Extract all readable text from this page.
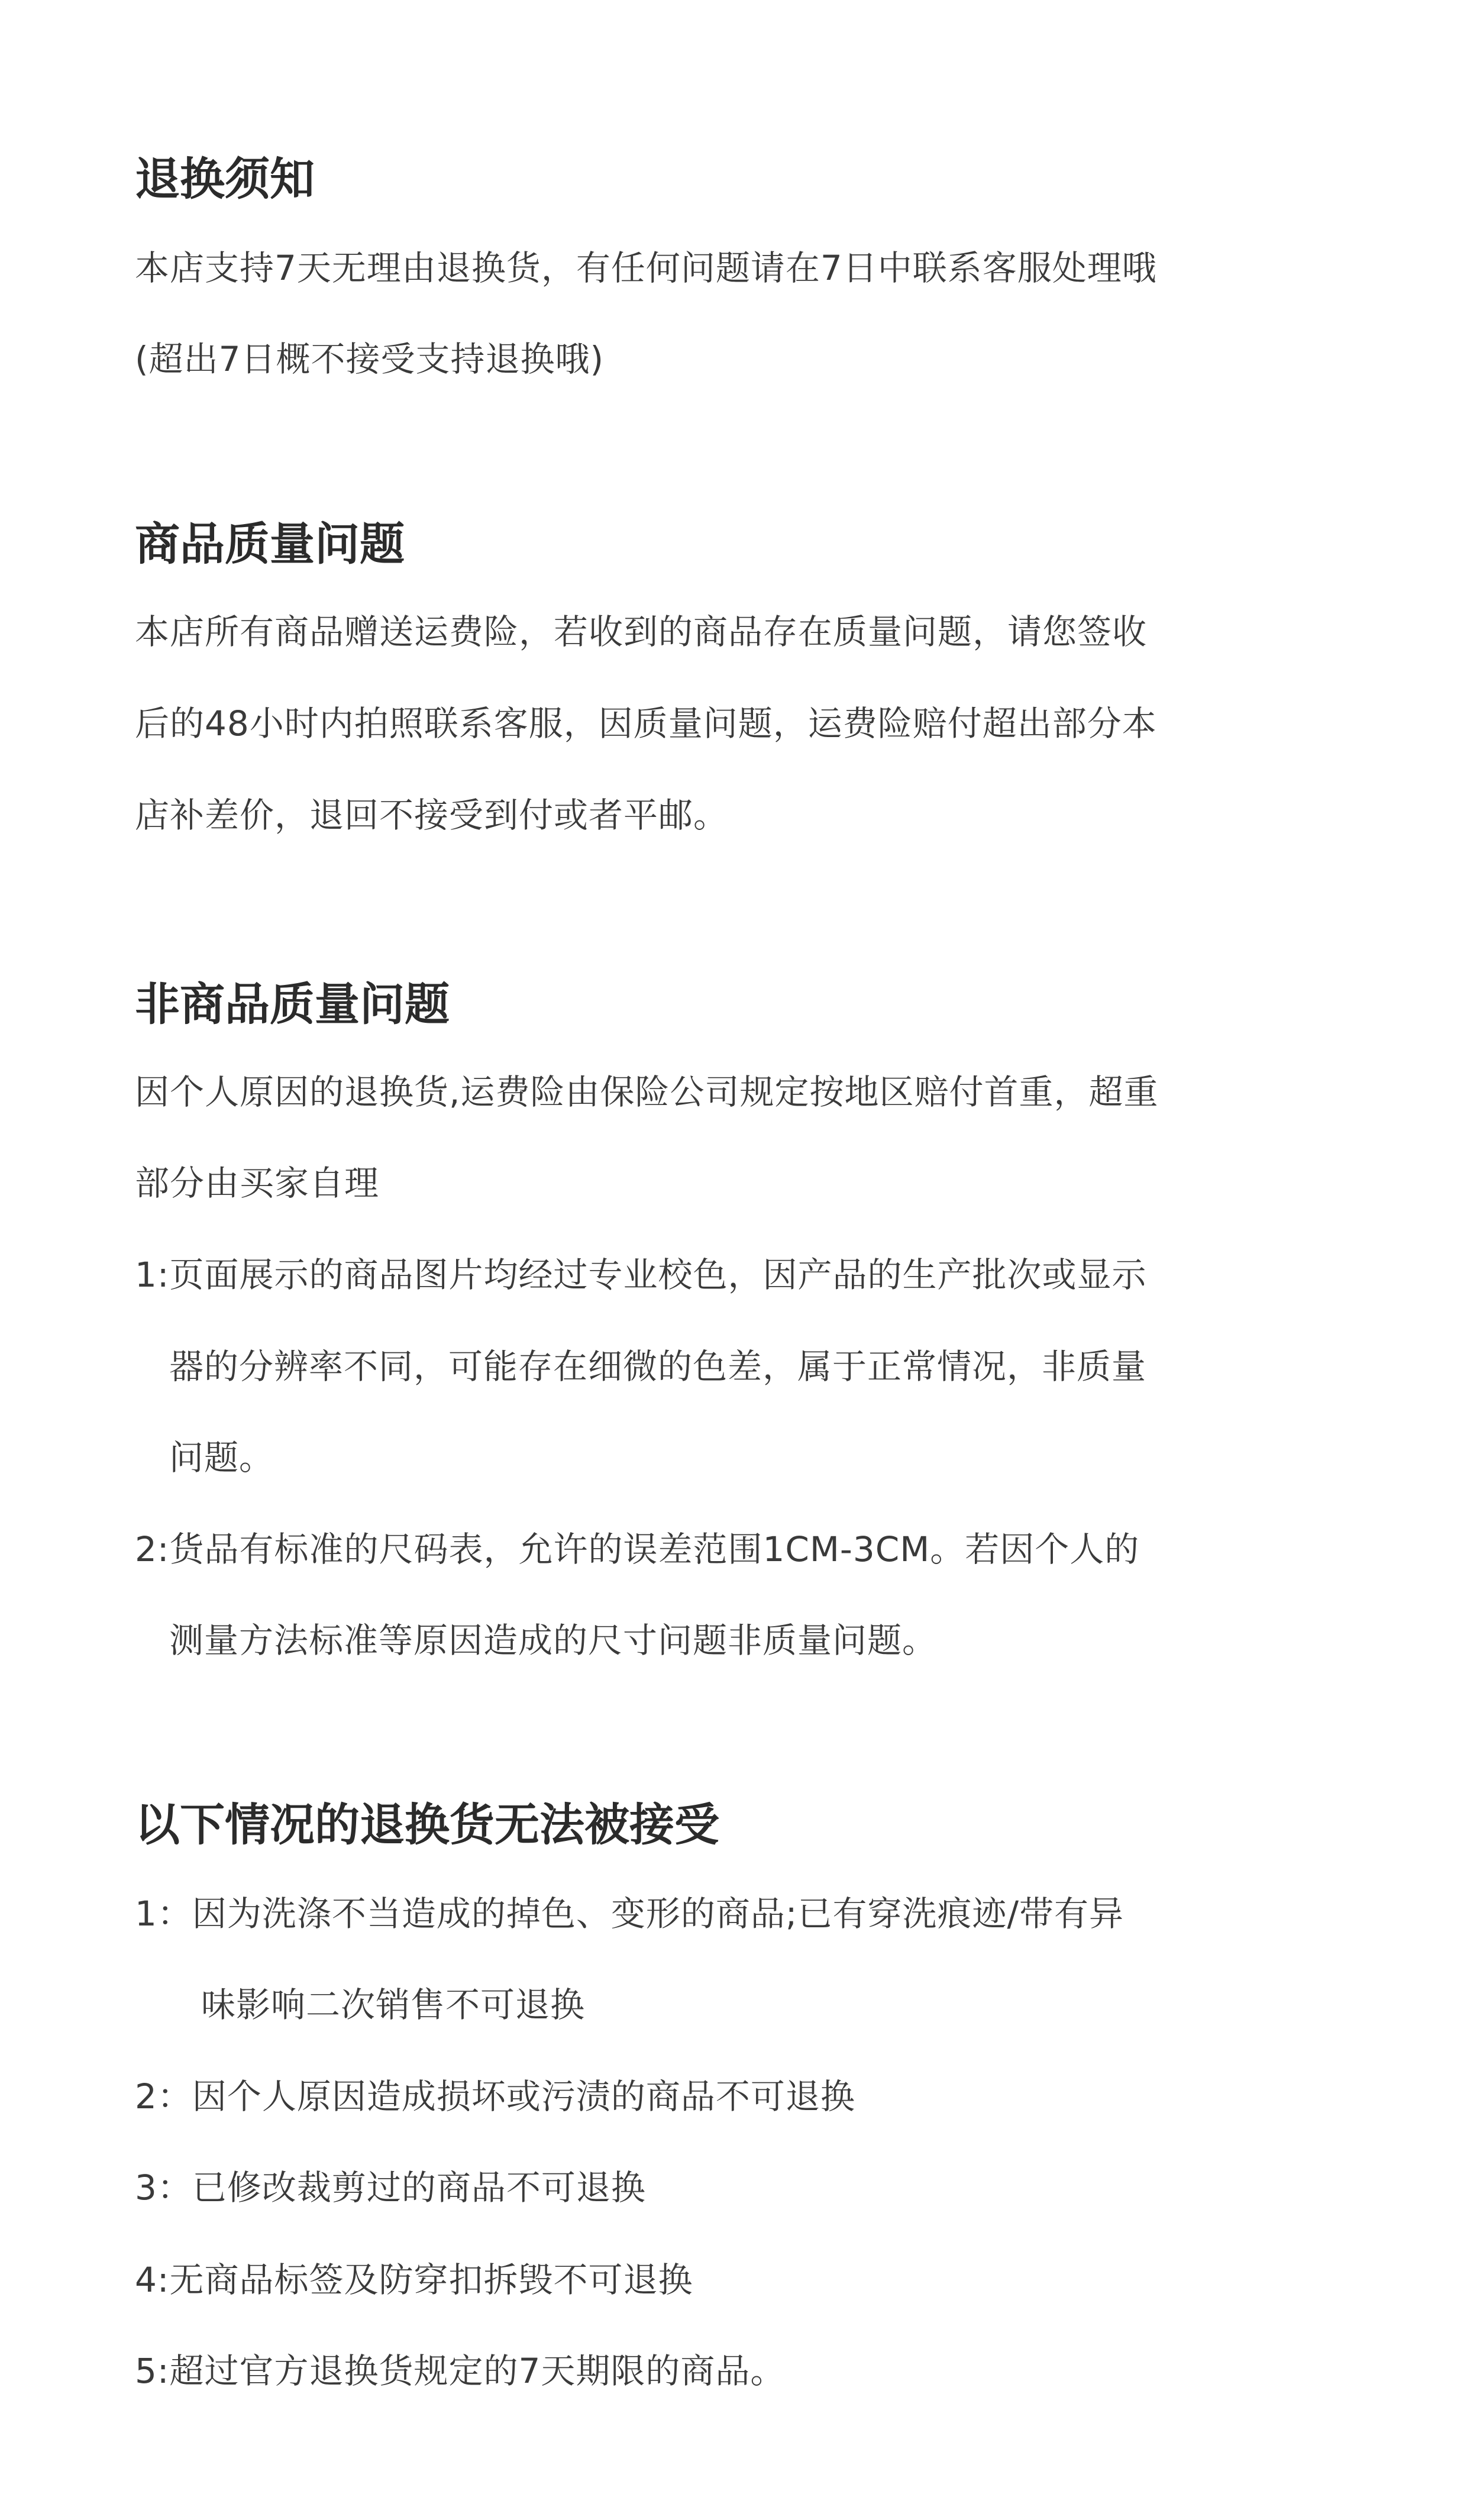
退换须知
本店支持7天无理由退换货，有任何问题请在7日中联系客服处理哦
(超出7日概不接受支持退换哦)
商品质量问题
本店所有商品赠送运费险，若收到的商品存在质量问题，请您签收
后的48小时内拍照联系客服，因质量问题，运费险赔付超出部分本
店补差价，退回不接受到付或者平邮。
非商品质量问题
因个人原因的退换货,运费险由保险公司规定按地区赔付首重，超重
部分由买家自理
1:页面展示的商品图片均经过专业校色，因产品的生产批次或显示
器的分辨率不同，可能存在细微的色差，属于正常情况，非质量
问题。
2:货品有标准的尺码表，允许的误差范围1CM-3CM。若因个人的
测量方法标准等原因造成的尺寸问题非质量问题。
以下情况的退换货无法被接受
1：因为洗涤不当造成的掉色、变形的商品;已有穿洗痕迹/带有异
味影响二次销售不可退换
2：因个人原因造成损坏或污渍的商品不可退换
3：已修改裁剪过的商品不可退换
4:无商品标签及防穿扣拆毁不可退换
5:超过官方退换货规定的7天期限的商品。
